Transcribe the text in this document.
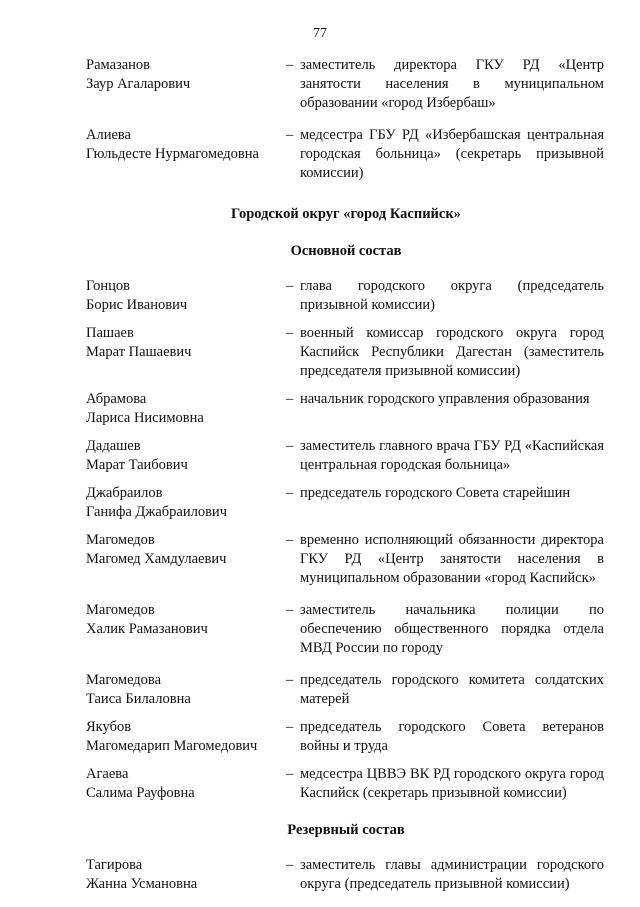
77
Рамазанов
Заур Агаларович
– заместитель директора ГКУ РД «Центр занятости населения в муниципальном образовании «город Избербаш»
Алиева
Гюльдесте Нурмагомедовна
– медсестра ГБУ РД «Избербашская центральная городская больница» (секретарь призывной комиссии)
Городской округ «город Каспийск»
Основной состав
Гонцов
Борис Иванович
– глава городского округа (председатель призывной комиссии)
Пашаев
Марат Пашаевич
– военный комиссар городского округа город Каспийск Республики Дагестан (заместитель председателя призывной комиссии)
Абрамова
Лариса Нисимовна
– начальник городского управления образования
Дадашев
Марат Таибович
– заместитель главного врача ГБУ РД «Каспийская центральная городская больница»
Джабраилов
Ганифа Джабраилович
– председатель городского Совета старейшин
Магомедов
Магомед Хамдулаевич
– временно исполняющий обязанности директора ГКУ РД «Центр занятости населения в муниципальном образовании «город Каспийск»
Магомедов
Халик Рамазанович
– заместитель начальника полиции по обеспечению общественного порядка отдела МВД России по городу
Магомедова
Таиса Билаловна
– председатель городского комитета солдатских матерей
Якубов
Магомедарип Магомедович
– председатель городского Совета ветеранов войны и труда
Агаева
Салима Рауфовна
– медсестра ЦВВЭ ВК РД городского округа город Каспийск (секретарь призывной комиссии)
Резервный состав
Тагирова
Жанна Усмановна
– заместитель главы администрации городского округа (председатель призывной комиссии)
